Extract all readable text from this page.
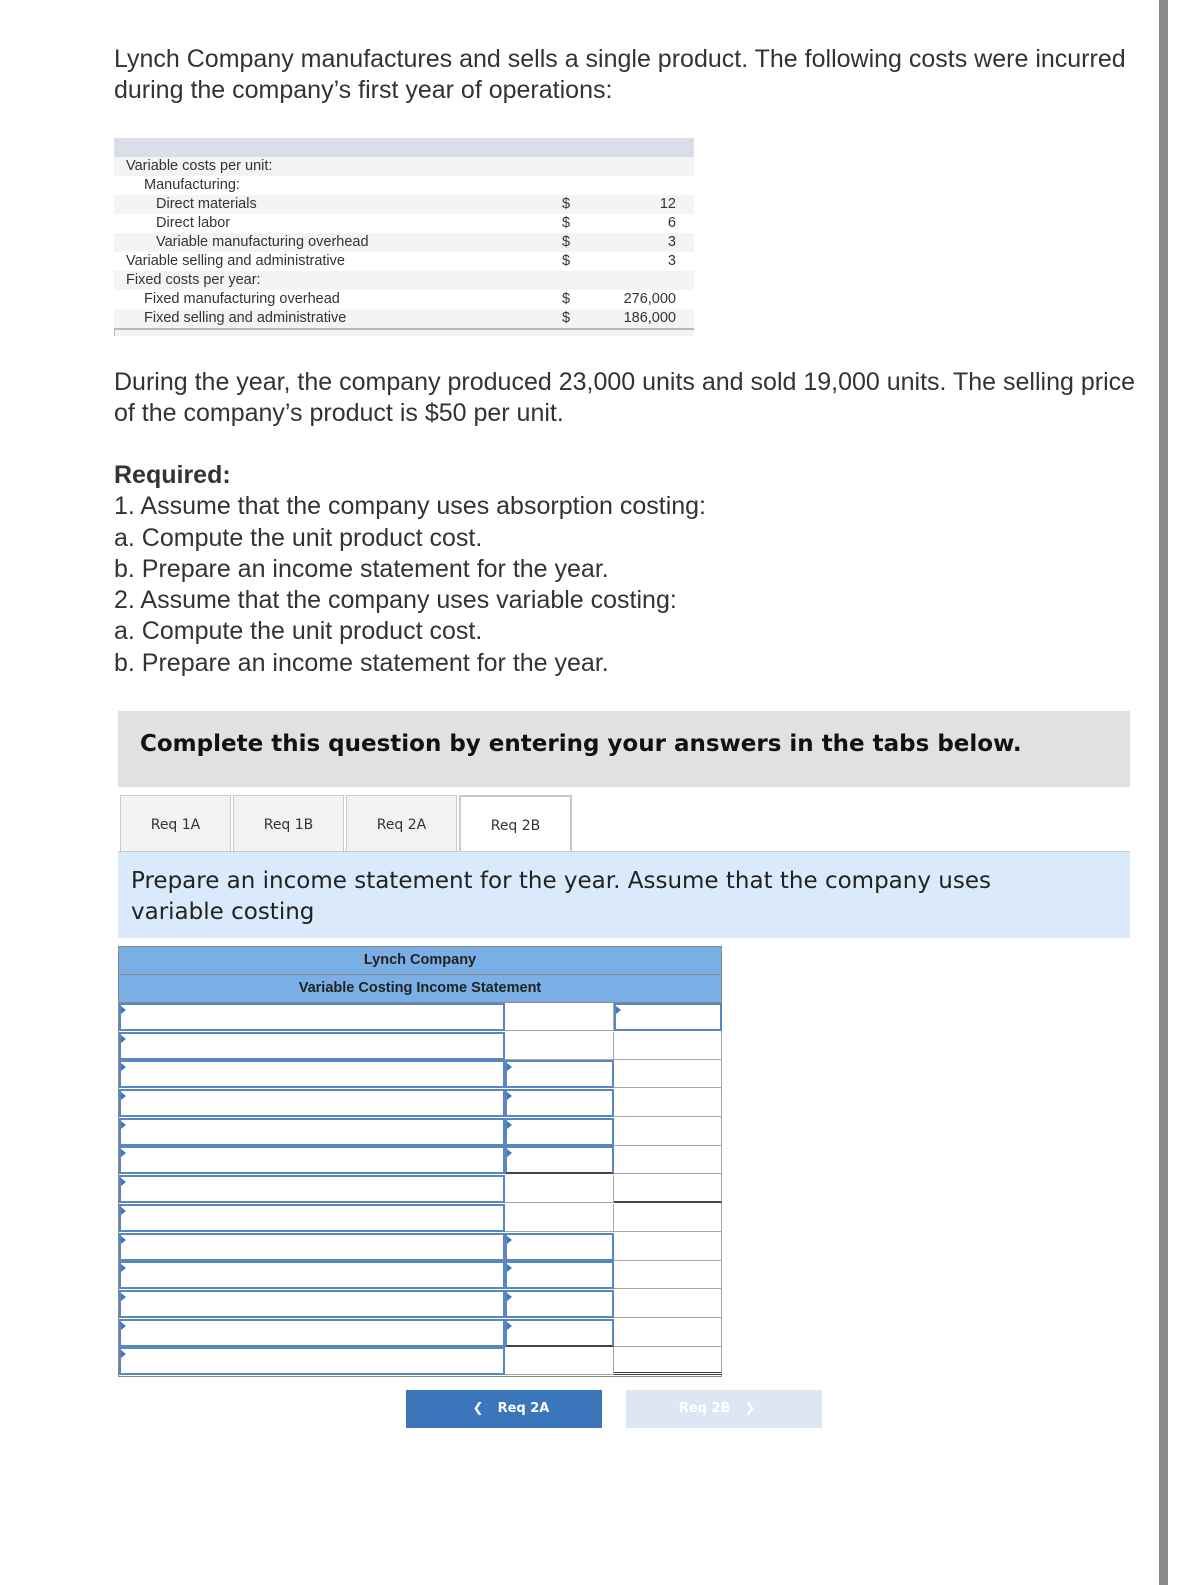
Lynch Company manufactures and sells a single product. The following costs were incurred during the company’s first year of operations:
Variable costs per unit:
Manufacturing:
Direct materials	$	12
Direct labor	$	6
Variable manufacturing overhead	$	3
Variable selling and administrative	$	3
Fixed costs per year:
Fixed manufacturing overhead	$	276,000
Fixed selling and administrative	$	186,000
During the year, the company produced 23,000 units and sold 19,000 units. The selling price of the company’s product is $50 per unit.
Required:
1. Assume that the company uses absorption costing:
a. Compute the unit product cost.
b. Prepare an income statement for the year.
2. Assume that the company uses variable costing:
a. Compute the unit product cost.
b. Prepare an income statement for the year.
Complete this question by entering your answers in the tabs below.
Req 1A	Req 1B	Req 2A	Req 2B
Prepare an income statement for the year. Assume that the company uses variable costing
Lynch Company
Variable Costing Income Statement
❮ Req 2A	Req 2B ❯
